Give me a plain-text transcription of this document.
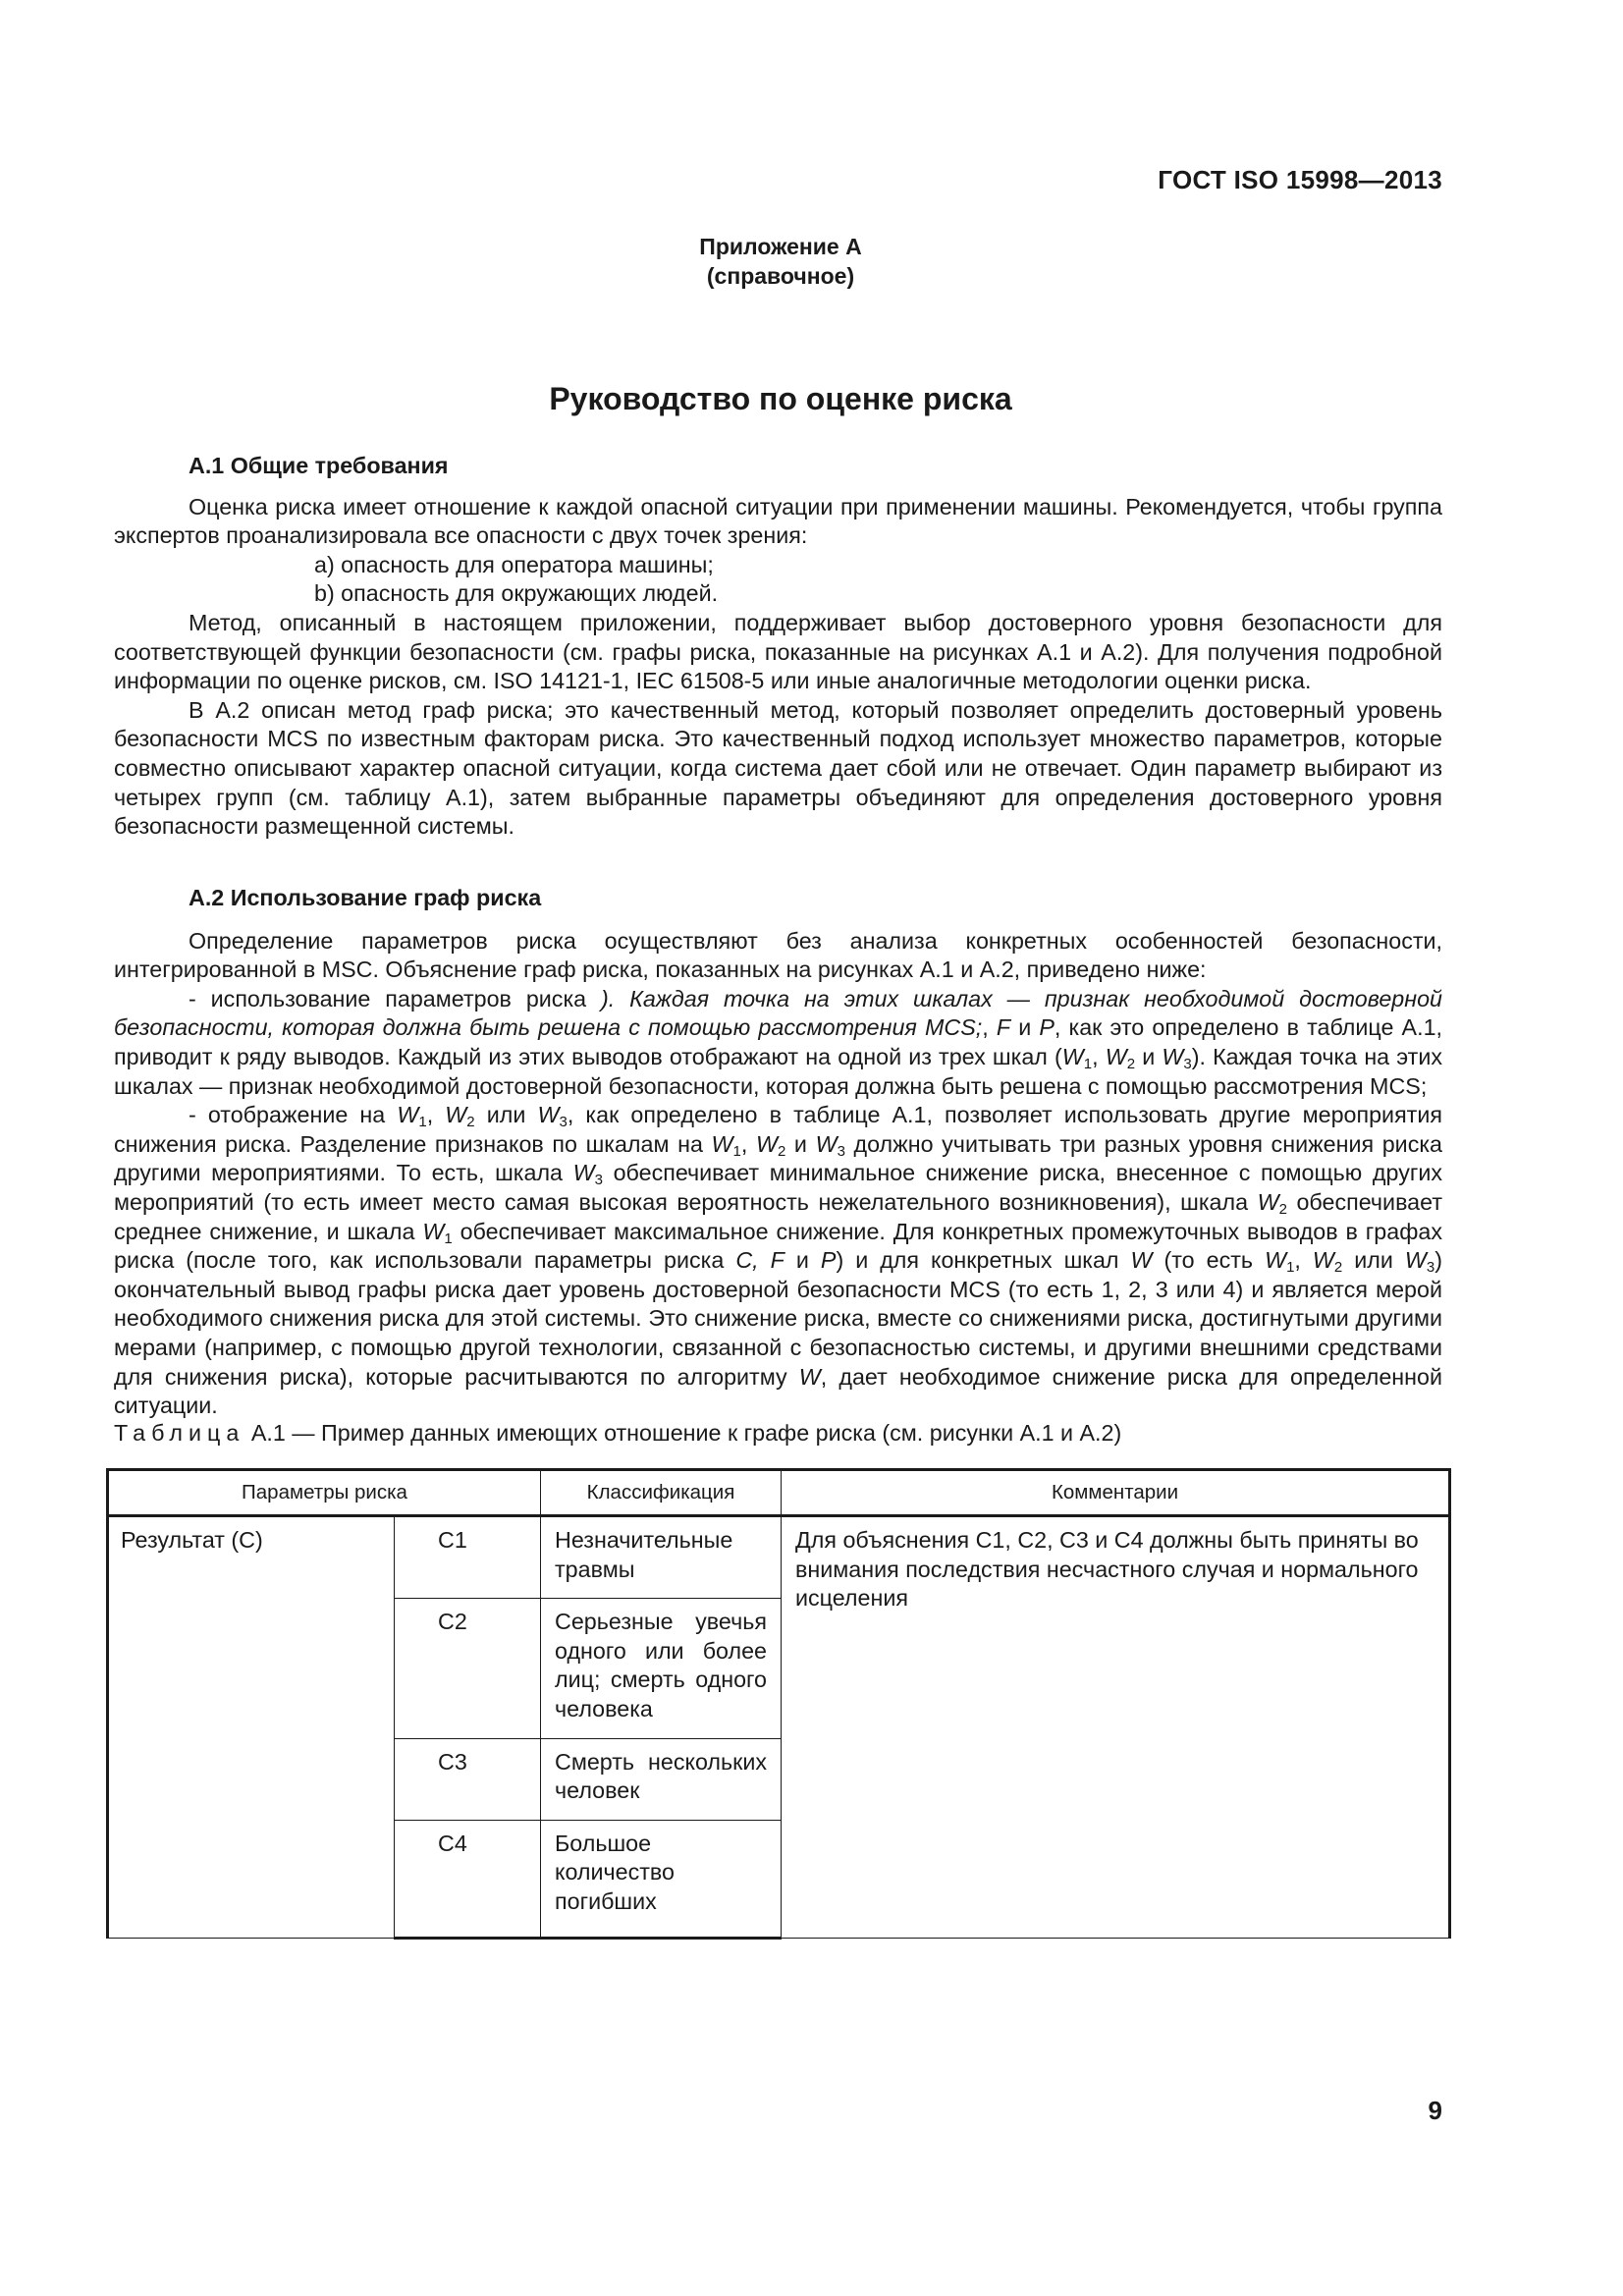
ГОСТ ISO 15998—2013
Приложение А
(справочное)
Руководство по оценке риска

А.1 Общие требования

Оценка риска имеет отношение к каждой опасной ситуации при применении машины. Рекомендуется, чтобы группа экспертов проанализировала все опасности с двух точек зрения:

а) опасность для оператора машины;

b) опасность для окружающих людей.

Метод, описанный в настоящем приложении, поддерживает выбор достоверного уровня безопасности для соответствующей функции безопасности (см. графы риска, показанные на рисунках А.1 и А.2). Для получения подробной информации по оценке рисков, см. ISO 14121-1, IEC 61508-5 или иные аналогичные методологии оценки риска.

В А.2 описан метод граф риска; это качественный метод, который позволяет определить достоверный уровень безопасности MCS по известным факторам риска. Это качественный подход использует множество параметров, которые совместно описывают характер опасной ситуации, когда система дает сбой или не отвечает. Один параметр выбирают из четырех групп (см. таблицу А.1), затем выбранные параметры объединяют для определения достоверного уровня безопасности размещенной системы.

А.2 Использование граф риска

Определение параметров риска осуществляют без анализа конкретных особенностей безопасности, интегрированной в MSC. Объяснение граф риска, показанных на рисунках А.1 и А.2, приведено ниже:

- использование параметров риска ). Каждая точка на этих шкалах — признак необходимой достоверной безопасности, которая должна быть решена с помощью рассмотрения MCS;, F и P, как это определено в таблице А.1, приводит к ряду выводов. Каждый из этих выводов отображают на одной из трех шкал ($W_1$, $W_2$ и $W_3$). Каждая точка на этих шкалах — признак необходимой достоверной безопасности, которая должна быть решена с помощью рассмотрения MCS;

- отображение на $W_1$, $W_2$ или $W_3$, как определено в таблице А.1, позволяет использовать другие мероприятия снижения риска. Разделение признаков по шкалам на $W_1$, $W_2$ и $W_3$ должно учитывать три разных уровня снижения риска другими мероприятиями. То есть, шкала $W_3$ обеспечивает минимальное снижение риска, внесенное с помощью других мероприятий (то есть имеет место самая высокая вероятность нежелательного возникновения), шкала $W_2$ обеспечивает среднее снижение, и шкала $W_1$ обеспечивает максимальное снижение. Для конкретных промежуточных выводов в графах риска (после того, как использовали параметры риска C, F и P) и для конкретных шкал W (то есть $W_1$, $W_2$ или $W_3$) окончательный вывод графы риска дает уровень достоверной безопасности MCS (то есть 1, 2, 3 или 4) и является мерой необходимого снижения риска для этой системы. Это снижение риска, вместе со снижениями риска, достигнутыми другими мерами (например, с помощью другой технологии, связанной с безопасностью системы, и другими внешними средствами для снижения риска), которые расчитываются по алгоритму W, дает необходимое снижение риска для определенной ситуации.

Таблица А.1 — Пример данных имеющих отношение к графе риска (см. рисунки А.1 и А.2)
Параметры риска		Классификация	Комментарии
Результат (С)	С1	Незначительные травмы	Для объяснения С1, С2, С3 и С4 должны быть приняты во внимания последствия несчастного случая и нормального исцеления
	С2	Серьезные увечья одного или более лиц; смерть одного человека	
	С3	Смерть нескольких человек	
	С4	Большое количество погибших	
9
